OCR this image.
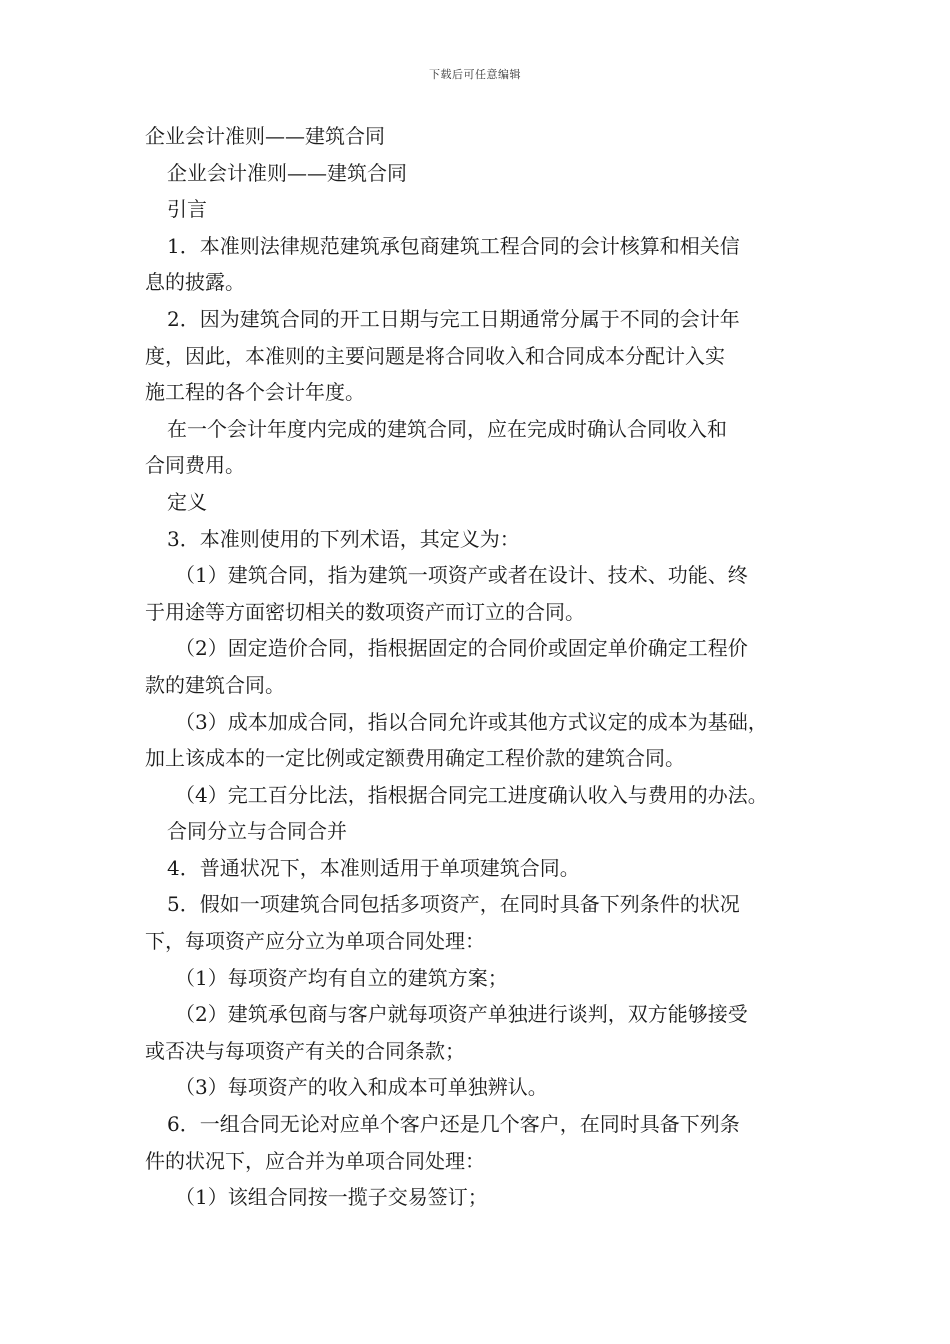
下载后可任意编辑
企业会计准则——建筑合同
企业会计准则——建筑合同
引言
1．本准则法律规范建筑承包商建筑工程合同的会计核算和相关信
息的披露。
2．因为建筑合同的开工日期与完工日期通常分属于不同的会计年
度，因此，本准则的主要问题是将合同收入和合同成本分配计入实
施工程的各个会计年度。
在一个会计年度内完成的建筑合同，应在完成时确认合同收入和
合同费用。
定义
3．本准则使用的下列术语，其定义为：
（1）建筑合同，指为建筑一项资产或者在设计、技术、功能、终
于用途等方面密切相关的数项资产而订立的合同。
（2）固定造价合同，指根据固定的合同价或固定单价确定工程价
款的建筑合同。
（3）成本加成合同，指以合同允许或其他方式议定的成本为基础，
加上该成本的一定比例或定额费用确定工程价款的建筑合同。
（4）完工百分比法，指根据合同完工进度确认收入与费用的办法。
合同分立与合同合并
4．普通状况下，本准则适用于单项建筑合同。
5．假如一项建筑合同包括多项资产，在同时具备下列条件的状况
下，每项资产应分立为单项合同处理：
（1）每项资产均有自立的建筑方案；
（2）建筑承包商与客户就每项资产单独进行谈判，双方能够接受
或否决与每项资产有关的合同条款；
（3）每项资产的收入和成本可单独辨认。
6．一组合同无论对应单个客户还是几个客户，在同时具备下列条
件的状况下，应合并为单项合同处理：
（1）该组合同按一揽子交易签订；
